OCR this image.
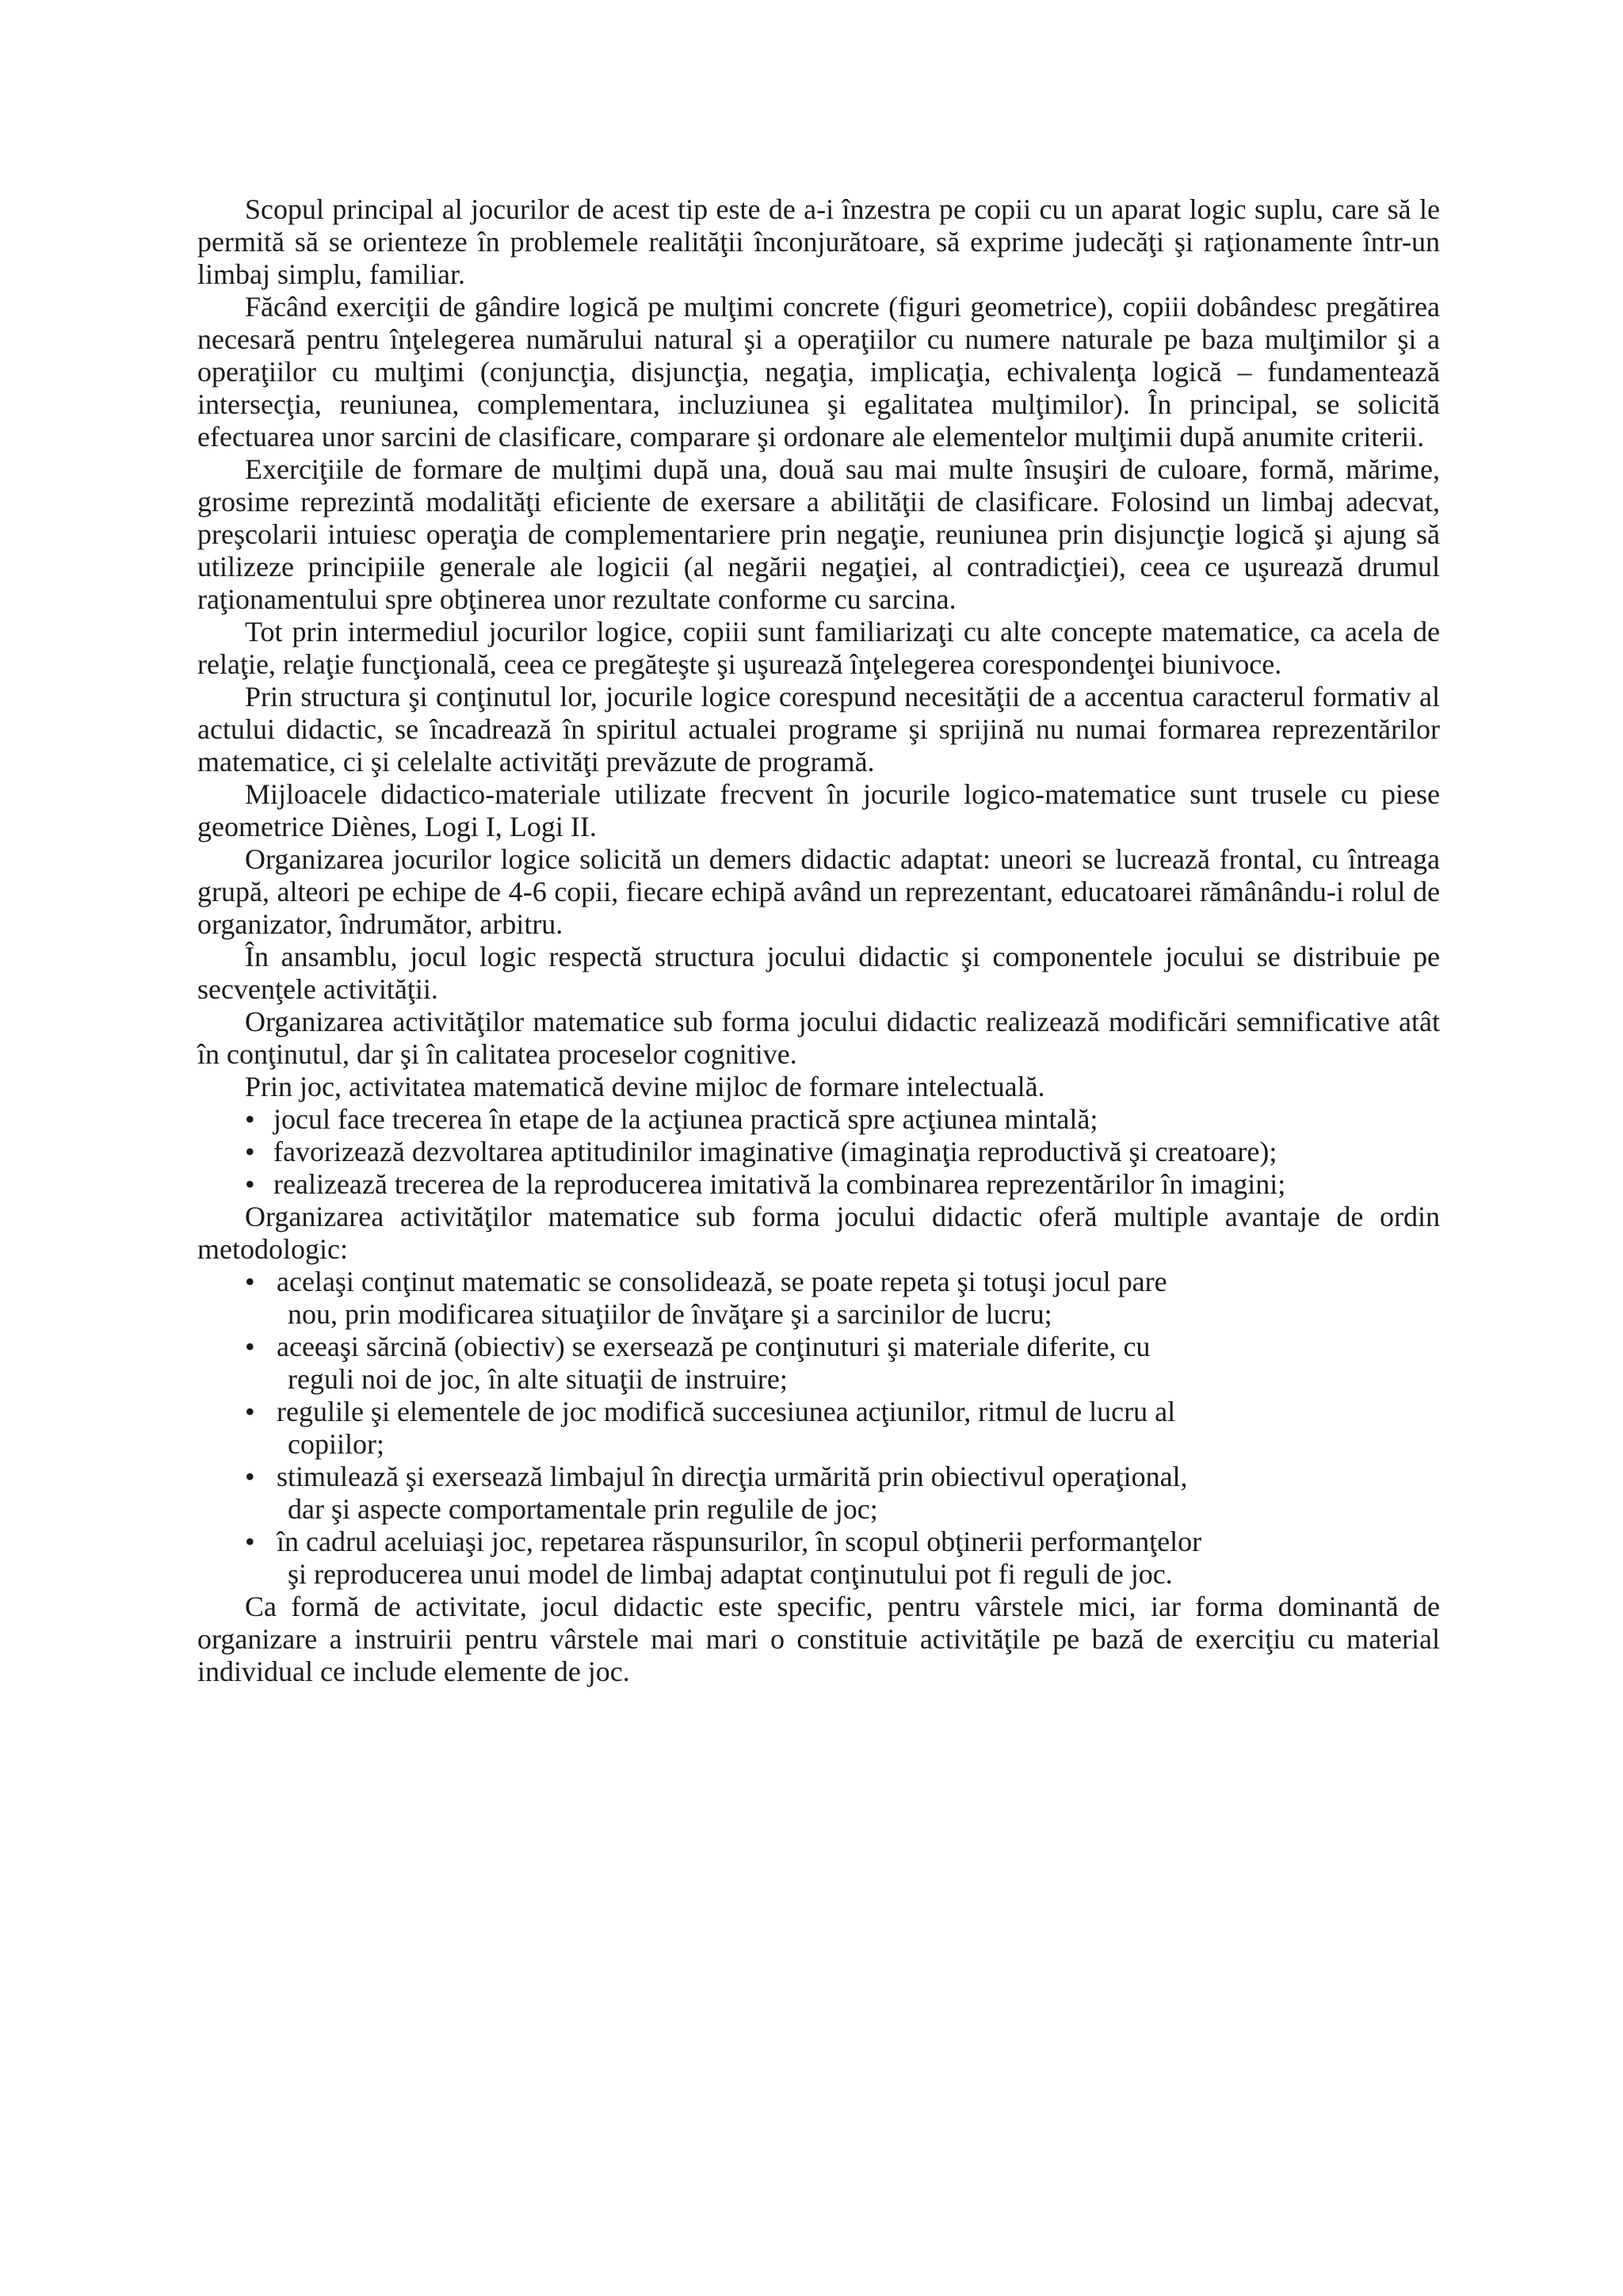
Scopul principal al jocurilor de acest tip este de a-i înzestra pe copii cu un aparat logic suplu, care să le permită să se orienteze în problemele realităţii înconjurătoare, să exprime judecăţi şi raţionamente într-un limbaj simplu, familiar.

Făcând exerciţii de gândire logică pe mulţimi concrete (figuri geometrice), copiii dobândesc pregătirea necesară pentru înţelegerea numărului natural şi a operaţiilor cu numere naturale pe baza mulţimilor şi a operaţiilor cu mulţimi (conjuncţia, disjuncţia, negaţia, implicaţia, echivalenţa logică – fundamentează intersecţia, reuniunea, complementara, incluziunea şi egalitatea mulţimilor). În principal, se solicită efectuarea unor sarcini de clasificare, comparare şi ordonare ale elementelor mulţimii după anumite criterii.

Exerciţiile de formare de mulţimi după una, două sau mai multe însuşiri de culoare, formă, mărime, grosime reprezintă modalităţi eficiente de exersare a abilităţii de clasificare. Folosind un limbaj adecvat, preşcolarii intuiesc operaţia de complementariere prin negaţie, reuniunea prin disjuncţie logică şi ajung să utilizeze principiile generale ale logicii (al negării negaţiei, al contradicţiei), ceea ce uşurează drumul raţionamentului spre obţinerea unor rezultate conforme cu sarcina.

Tot prin intermediul jocurilor logice, copiii sunt familiarizaţi cu alte concepte matematice, ca acela de relaţie, relaţie funcţională, ceea ce pregăteşte şi uşurează înţelegerea corespondenţei biunivoce.

Prin structura şi conţinutul lor, jocurile logice corespund necesităţii de a accentua caracterul formativ al actului didactic, se încadrează în spiritul actualei programe şi sprijină nu numai formarea reprezentărilor matematice, ci şi celelalte activităţi prevăzute de programă.

Mijloacele didactico-materiale utilizate frecvent în jocurile logico-matematice sunt trusele cu piese geometrice Diènes, Logi I, Logi II.

Organizarea jocurilor logice solicită un demers didactic adaptat: uneori se lucrează frontal, cu întreaga grupă, alteori pe echipe de 4-6 copii, fiecare echipă având un reprezentant, educatoarei rămânându-i rolul de organizator, îndrumător, arbitru.

În ansamblu, jocul logic respectă structura jocului didactic şi componentele jocului se distribuie pe secvenţele activităţii.

Organizarea activităţilor matematice sub forma jocului didactic realizează modificări semnificative atât în conţinutul, dar şi în calitatea proceselor cognitive.

Prin joc, activitatea matematică devine mijloc de formare intelectuală.

• jocul face trecerea în etape de la acţiunea practică spre acţiunea mintală;
• favorizează dezvoltarea aptitudinilor imaginative (imaginaţia reproductivă şi creatoare);
• realizează trecerea de la reproducerea imitativă la combinarea reprezentărilor în imagini;

Organizarea activităţilor matematice sub forma jocului didactic oferă multiple avantaje de ordin metodologic:

• acelaşi conţinut matematic se consolidează, se poate repeta şi totuşi jocul pare
nou, prin modificarea situaţiilor de învăţare şi a sarcinilor de lucru;
• aceeaşi sărcină (obiectiv) se exersează pe conţinuturi şi materiale diferite, cu
reguli noi de joc, în alte situaţii de instruire;
• regulile şi elementele de joc modifică succesiunea acţiunilor, ritmul de lucru al
copiilor;
• stimulează şi exersează limbajul în direcţia urmărită prin obiectivul operaţional,
dar şi aspecte comportamentale prin regulile de joc;
• în cadrul aceluiaşi joc, repetarea răspunsurilor, în scopul obţinerii performanţelor
şi reproducerea unui model de limbaj adaptat conţinutului pot fi reguli de joc.

Ca formă de activitate, jocul didactic este specific, pentru vârstele mici, iar forma dominantă de organizare a instruirii pentru vârstele mai mari o constituie activităţile pe bază de exerciţiu cu material individual ce include elemente de joc.
